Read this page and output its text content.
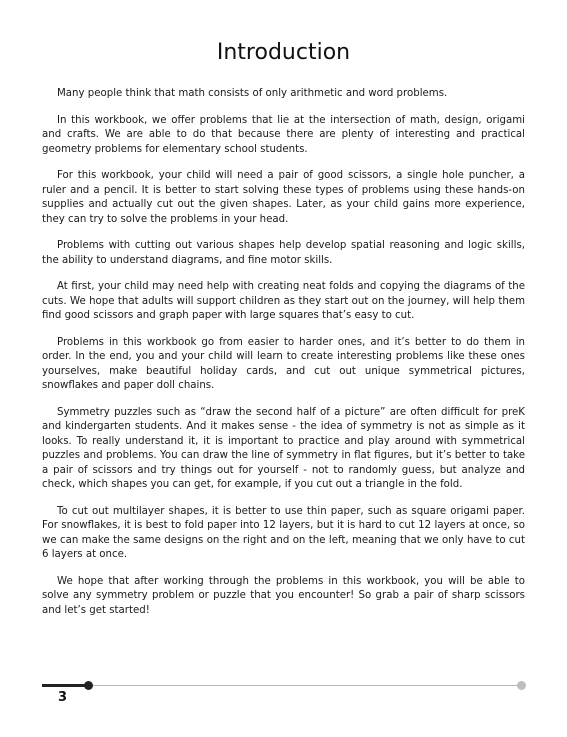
Introduction

Many people think that math consists of only arithmetic and word problems.

In this workbook, we offer problems that lie at the intersection of math, design, origami and crafts. We are able to do that because there are plenty of interesting and practical geometry problems for elementary school students.

For this workbook, your child will need a pair of good scissors, a single hole puncher, a ruler and a pencil. It is better to start solving these types of problems using these hands-on supplies and actually cut out the given shapes. Later, as your child gains more experience, they can try to solve the problems in your head.

Problems with cutting out various shapes help develop spatial reasoning and logic skills, the ability to understand diagrams, and fine motor skills.

At first, your child may need help with creating neat folds and copying the diagrams of the cuts. We hope that adults will support children as they start out on the journey, will help them find good scissors and graph paper with large squares that’s easy to cut.

Problems in this workbook go from easier to harder ones, and it’s better to do them in order. In the end, you and your child will learn to create interesting problems like these ones yourselves, make beautiful holiday cards, and cut out unique symmetrical pictures, snowflakes and paper doll chains.

Symmetry puzzles such as “draw the second half of a picture” are often difficult for preK and kindergarten students. And it makes sense - the idea of symmetry is not as simple as it looks. To really understand it, it is important to practice and play around with symmetrical puzzles and problems. You can draw the line of symmetry in flat figures, but it’s better to take a pair of scissors and try things out for yourself - not to randomly guess, but analyze and check, which shapes you can get, for example, if you cut out a triangle in the fold.

To cut out multilayer shapes, it is better to use thin paper, such as square origami paper. For snowflakes, it is best to fold paper into 12 layers, but it is hard to cut 12 layers at once, so we can make the same designs on the right and on the left, meaning that we only have to cut 6 layers at once.

We hope that after working through the problems in this workbook, you will be able to solve any symmetry problem or puzzle that you encounter! So grab a pair of sharp scissors and let’s get started!

3
